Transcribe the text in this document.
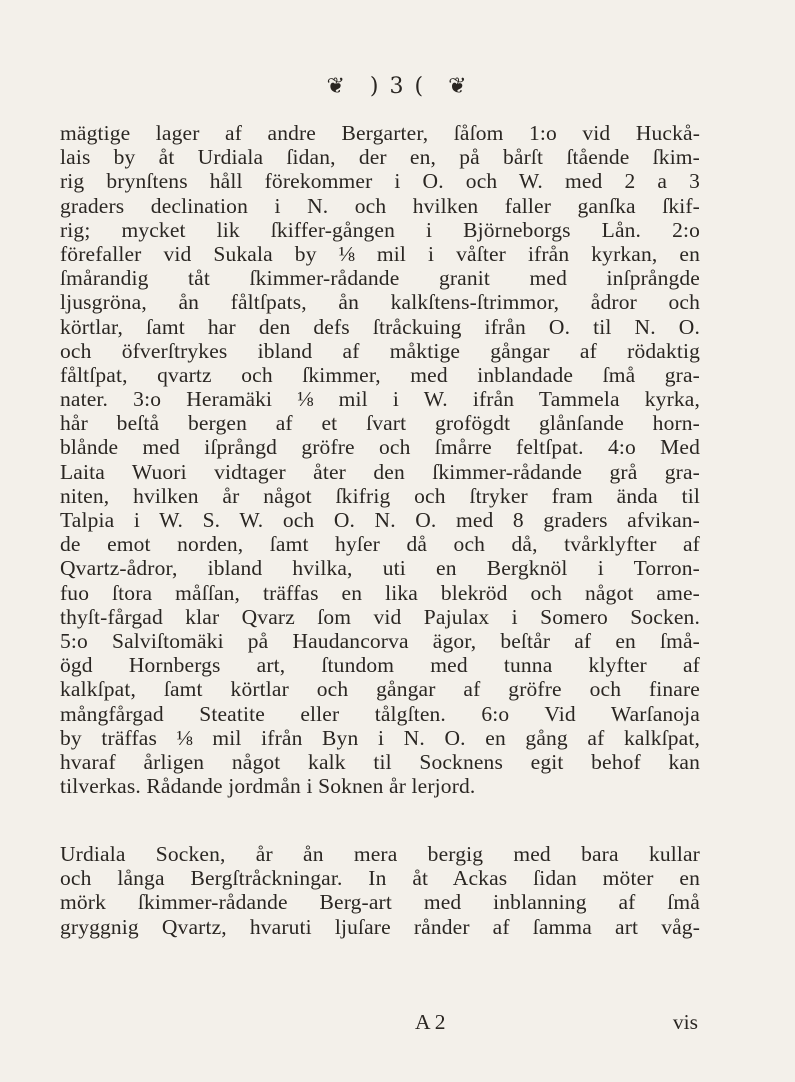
❦ ) 3 ( ❦
mägtige lager af andre Bergarter, ſåſom 1:o vid Huckå-
lais by åt Urdiala ſidan, der en, på bårſt ſtående ſkim-
rig brynſtens håll förekommer i O. och W. med 2 a 3
graders declination i N. och hvilken faller ganſka ſkif-
rig; mycket lik ſkiffer-gången i Björneborgs Lån. 2:o
förefaller vid Sukala by ⅛ mil i våſter ifrån kyrkan, en
ſmårandig tåt ſkimmer-rådande granit med inſprångde
ljusgröna, ån fåltſpats, ån kalkſtens-ſtrimmor, ådror och
körtlar, ſamt har den defs ſtråckuing ifrån O. til N. O.
och öfverſtrykes ibland af måktige gångar af rödaktig
fåltſpat, qvartz och ſkimmer, med inblandade ſmå gra-
nater. 3:o Heramäki ⅛ mil i W. ifrån Tammela kyrka,
hår beſtå bergen af et ſvart grofögdt glånſande horn-
blånde med iſprångd gröfre och ſmårre feltſpat. 4:o Med
Laita Wuori vidtager åter den ſkimmer-rådande grå gra-
niten, hvilken år något ſkifrig och ſtryker fram ända til
Talpia i W. S. W. och O. N. O. med 8 graders afvikan-
de emot norden, ſamt hyſer då och då, tvårklyfter af
Qvartz-ådror, ibland hvilka, uti en Bergknöl i Torron-
fuo ſtora måſſan, träffas en lika blekröd och något ame-
thyſt-fårgad klar Qvarz ſom vid Pajulax i Somero Socken.
5:o Salviſtomäki på Haudancorva ägor, beſtår af en ſmå-
ögd Hornbergs art, ſtundom med tunna klyfter af
kalkſpat, ſamt körtlar och gångar af gröfre och finare
mångfårgad Steatite eller tålgſten. 6:o Vid Warſanoja
by träffas ⅛ mil ifrån Byn i N. O. en gång af kalkſpat,
hvaraf årligen något kalk til Socknens egit behof kan
tilverkas. Rådande jordmån i Soknen år lerjord.
Urdiala Socken, år ån mera bergig med bara kullar
och långa Bergſtråckningar. In åt Ackas ſidan möter en
mörk ſkimmer-rådande Berg-art med inblanning af ſmå
gryggnig Qvartz, hvaruti ljuſare rånder af ſamma art våg-
A 2	vis
